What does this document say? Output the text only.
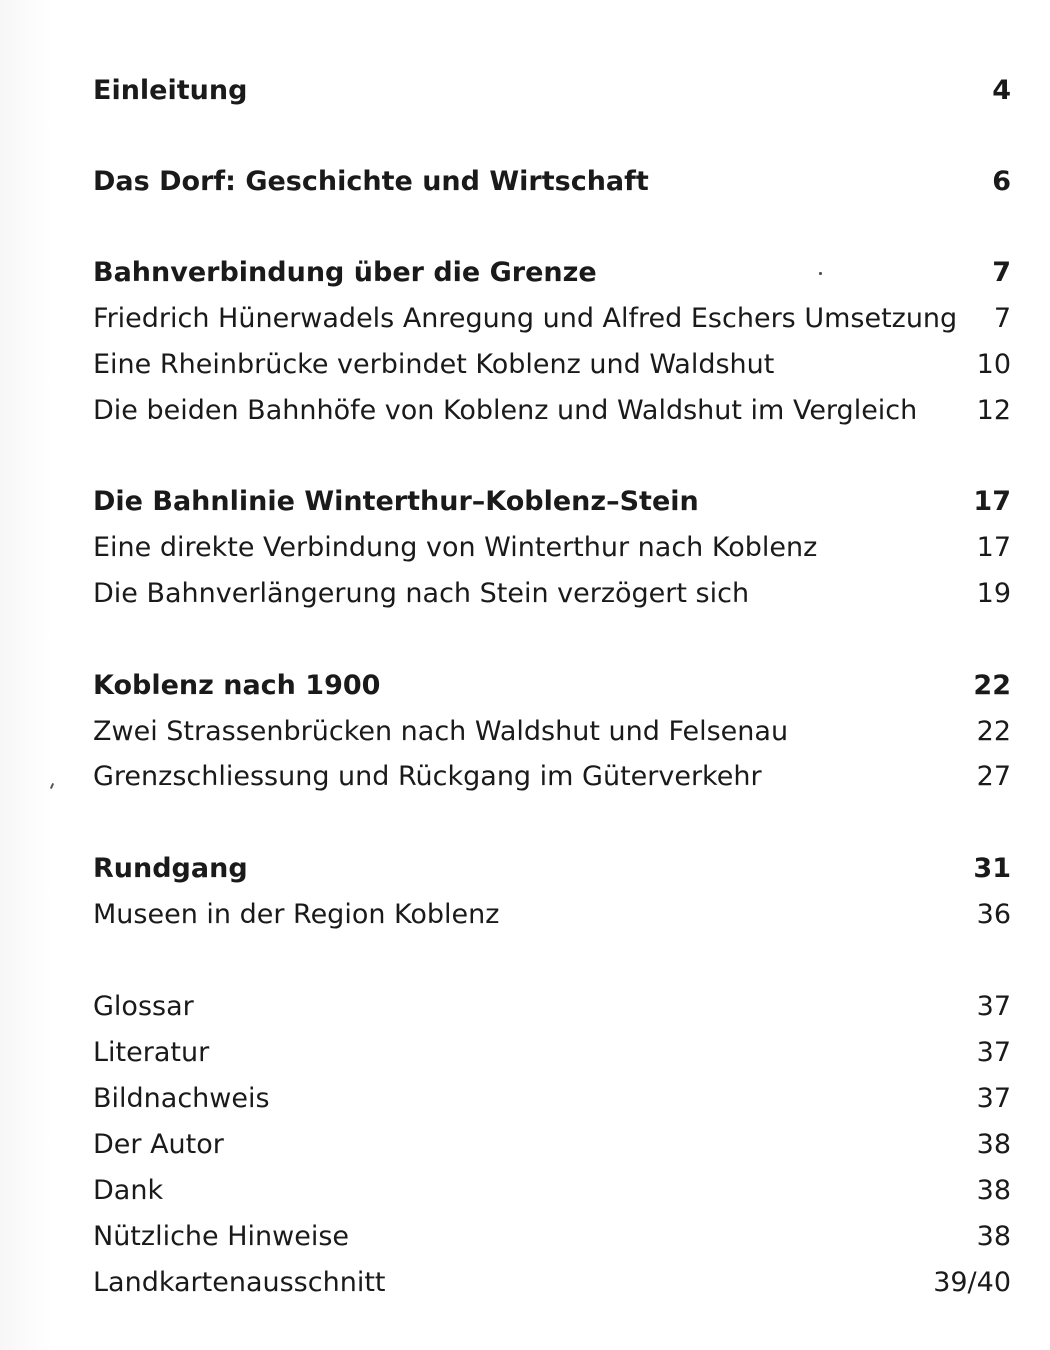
Einleitung	4
Das Dorf: Geschichte und Wirtschaft	6
Bahnverbindung über die Grenze	7
Friedrich Hünerwadels Anregung und Alfred Eschers Umsetzung 7
Eine Rheinbrücke verbindet Koblenz und Waldshut	10
Die beiden Bahnhöfe von Koblenz und Waldshut im Vergleich 12
Die Bahnlinie Winterthur–Koblenz–Stein	17
Eine direkte Verbindung von Winterthur nach Koblenz	17
Die Bahnverlängerung nach Stein verzögert sich	19
Koblenz nach 1900	22
Zwei Strassenbrücken nach Waldshut und Felsenau	22
Grenzschliessung und Rückgang im Güterverkehr	27
Rundgang	31
Museen in der Region Koblenz	36
Glossar	37
Literatur	37
Bildnachweis	37
Der Autor	38
Dank	38
Nützliche Hinweise	38
Landkartenausschnitt	39/40
